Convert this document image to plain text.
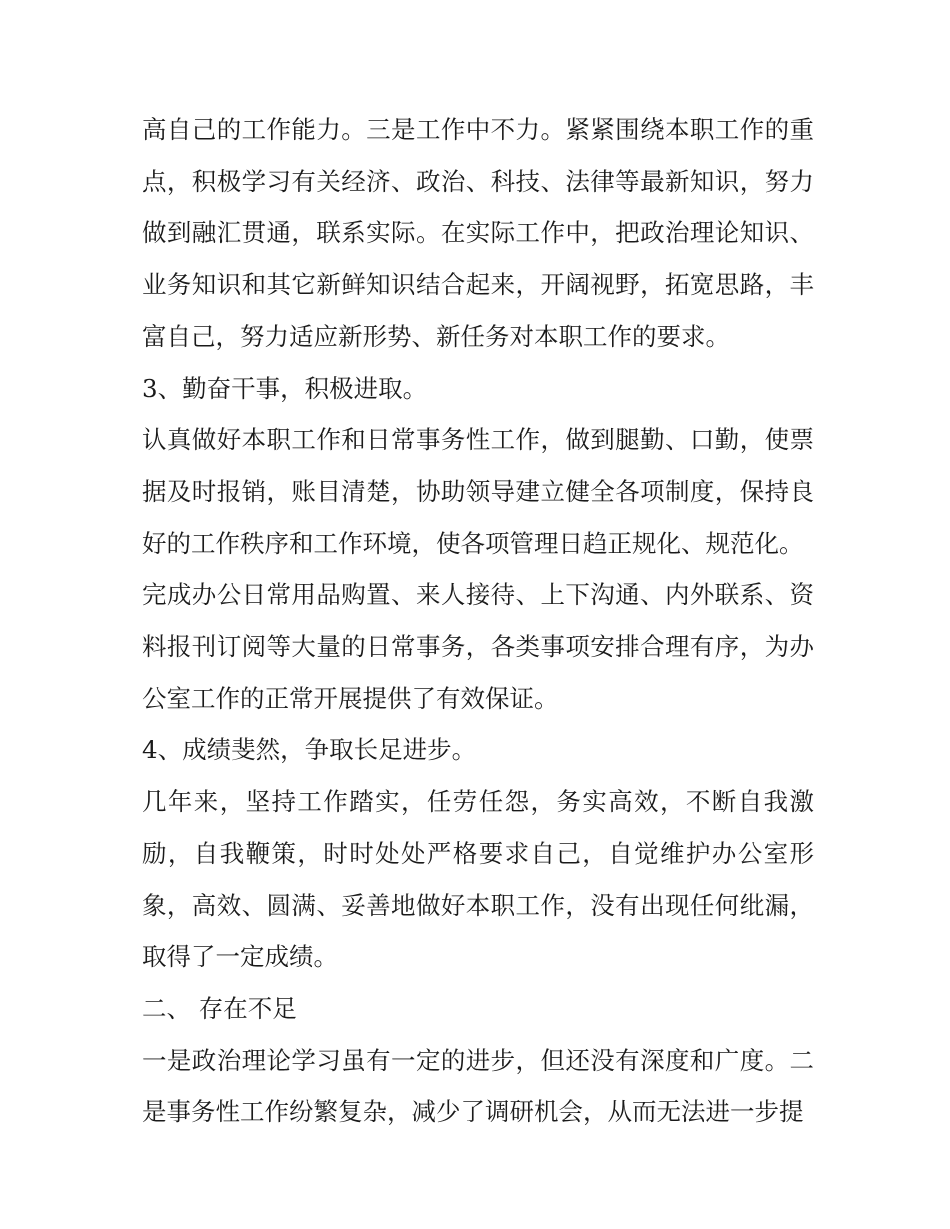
高自己的工作能力。三是工作中不力。紧紧围绕本职工作的重点，积极学习有关经济、政治、科技、法律等最新知识，努力做到融汇贯通，联系实际。在实际工作中，把政治理论知识、业务知识和其它新鲜知识结合起来，开阔视野，拓宽思路，丰富自己，努力适应新形势、新任务对本职工作的要求。

3、勤奋干事，积极进取。

认真做好本职工作和日常事务性工作，做到腿勤、口勤，使票据及时报销，账目清楚，协助领导建立健全各项制度，保持良好的工作秩序和工作环境，使各项管理日趋正规化、规范化。

完成办公日常用品购置、来人接待、上下沟通、内外联系、资料报刊订阅等大量的日常事务，各类事项安排合理有序，为办公室工作的正常开展提供了有效保证。

4、成绩斐然，争取长足进步。

几年来，坚持工作踏实，任劳任怨，务实高效，不断自我激励，自我鞭策，时时处处严格要求自己，自觉维护办公室形象，高效、圆满、妥善地做好本职工作，没有出现任何纰漏，取得了一定成绩。

二、 存在不足

一是政治理论学习虽有一定的进步，但还没有深度和广度。二是事务性工作纷繁复杂，减少了调研机会，从而无法进一步提
